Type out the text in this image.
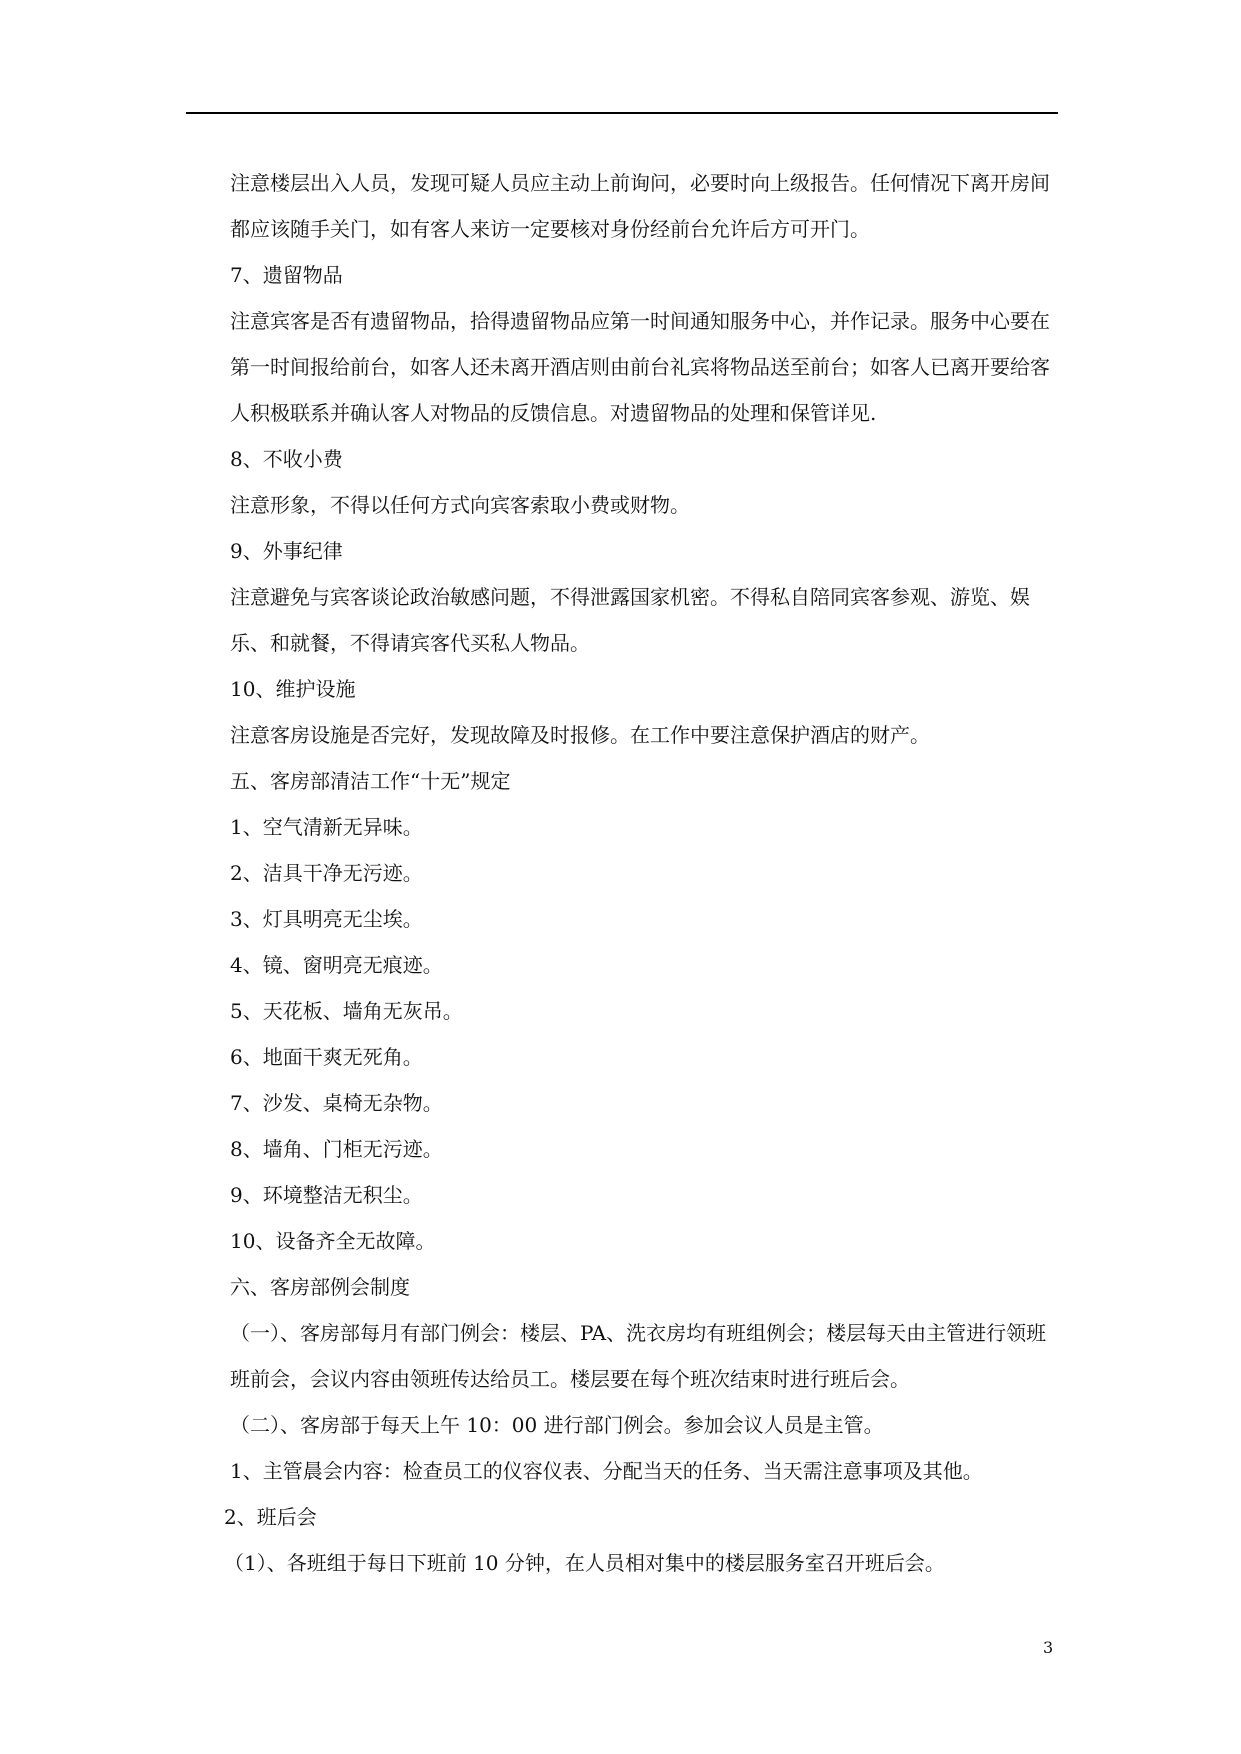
注意楼层出入人员，发现可疑人员应主动上前询问，必要时向上级报告。任何情况下离开房间都应该随手关门，如有客人来访一定要核对身份经前台允许后方可开门。

7、遗留物品

注意宾客是否有遗留物品，拾得遗留物品应第一时间通知服务中心，并作记录。服务中心要在第一时间报给前台，如客人还未离开酒店则由前台礼宾将物品送至前台；如客人已离开要给客人积极联系并确认客人对物品的反馈信息。对遗留物品的处理和保管详见.

8、不收小费

注意形象，不得以任何方式向宾客索取小费或财物。

9、外事纪律

注意避免与宾客谈论政治敏感问题，不得泄露国家机密。不得私自陪同宾客参观、游览、娱乐、和就餐，不得请宾客代买私人物品。

10、维护设施

注意客房设施是否完好，发现故障及时报修。在工作中要注意保护酒店的财产。

五、客房部清洁工作“十无”规定

1、空气清新无异味。

2、洁具干净无污迹。

3、灯具明亮无尘埃。

4、镜、窗明亮无痕迹。

5、天花板、墙角无灰吊。

6、地面干爽无死角。

7、沙发、桌椅无杂物。

8、墙角、门柜无污迹。

9、环境整洁无积尘。

10、设备齐全无故障。

六、客房部例会制度

（一）、客房部每月有部门例会：楼层、PA、洗衣房均有班组例会；楼层每天由主管进行领班班前会，会议内容由领班传达给员工。楼层要在每个班次结束时进行班后会。

（二）、客房部于每天上午 10：00 进行部门例会。参加会议人员是主管。

1、主管晨会内容：检查员工的仪容仪表、分配当天的任务、当天需注意事项及其他。

2、班后会

（1）、各班组于每日下班前 10 分钟，在人员相对集中的楼层服务室召开班后会。

3
